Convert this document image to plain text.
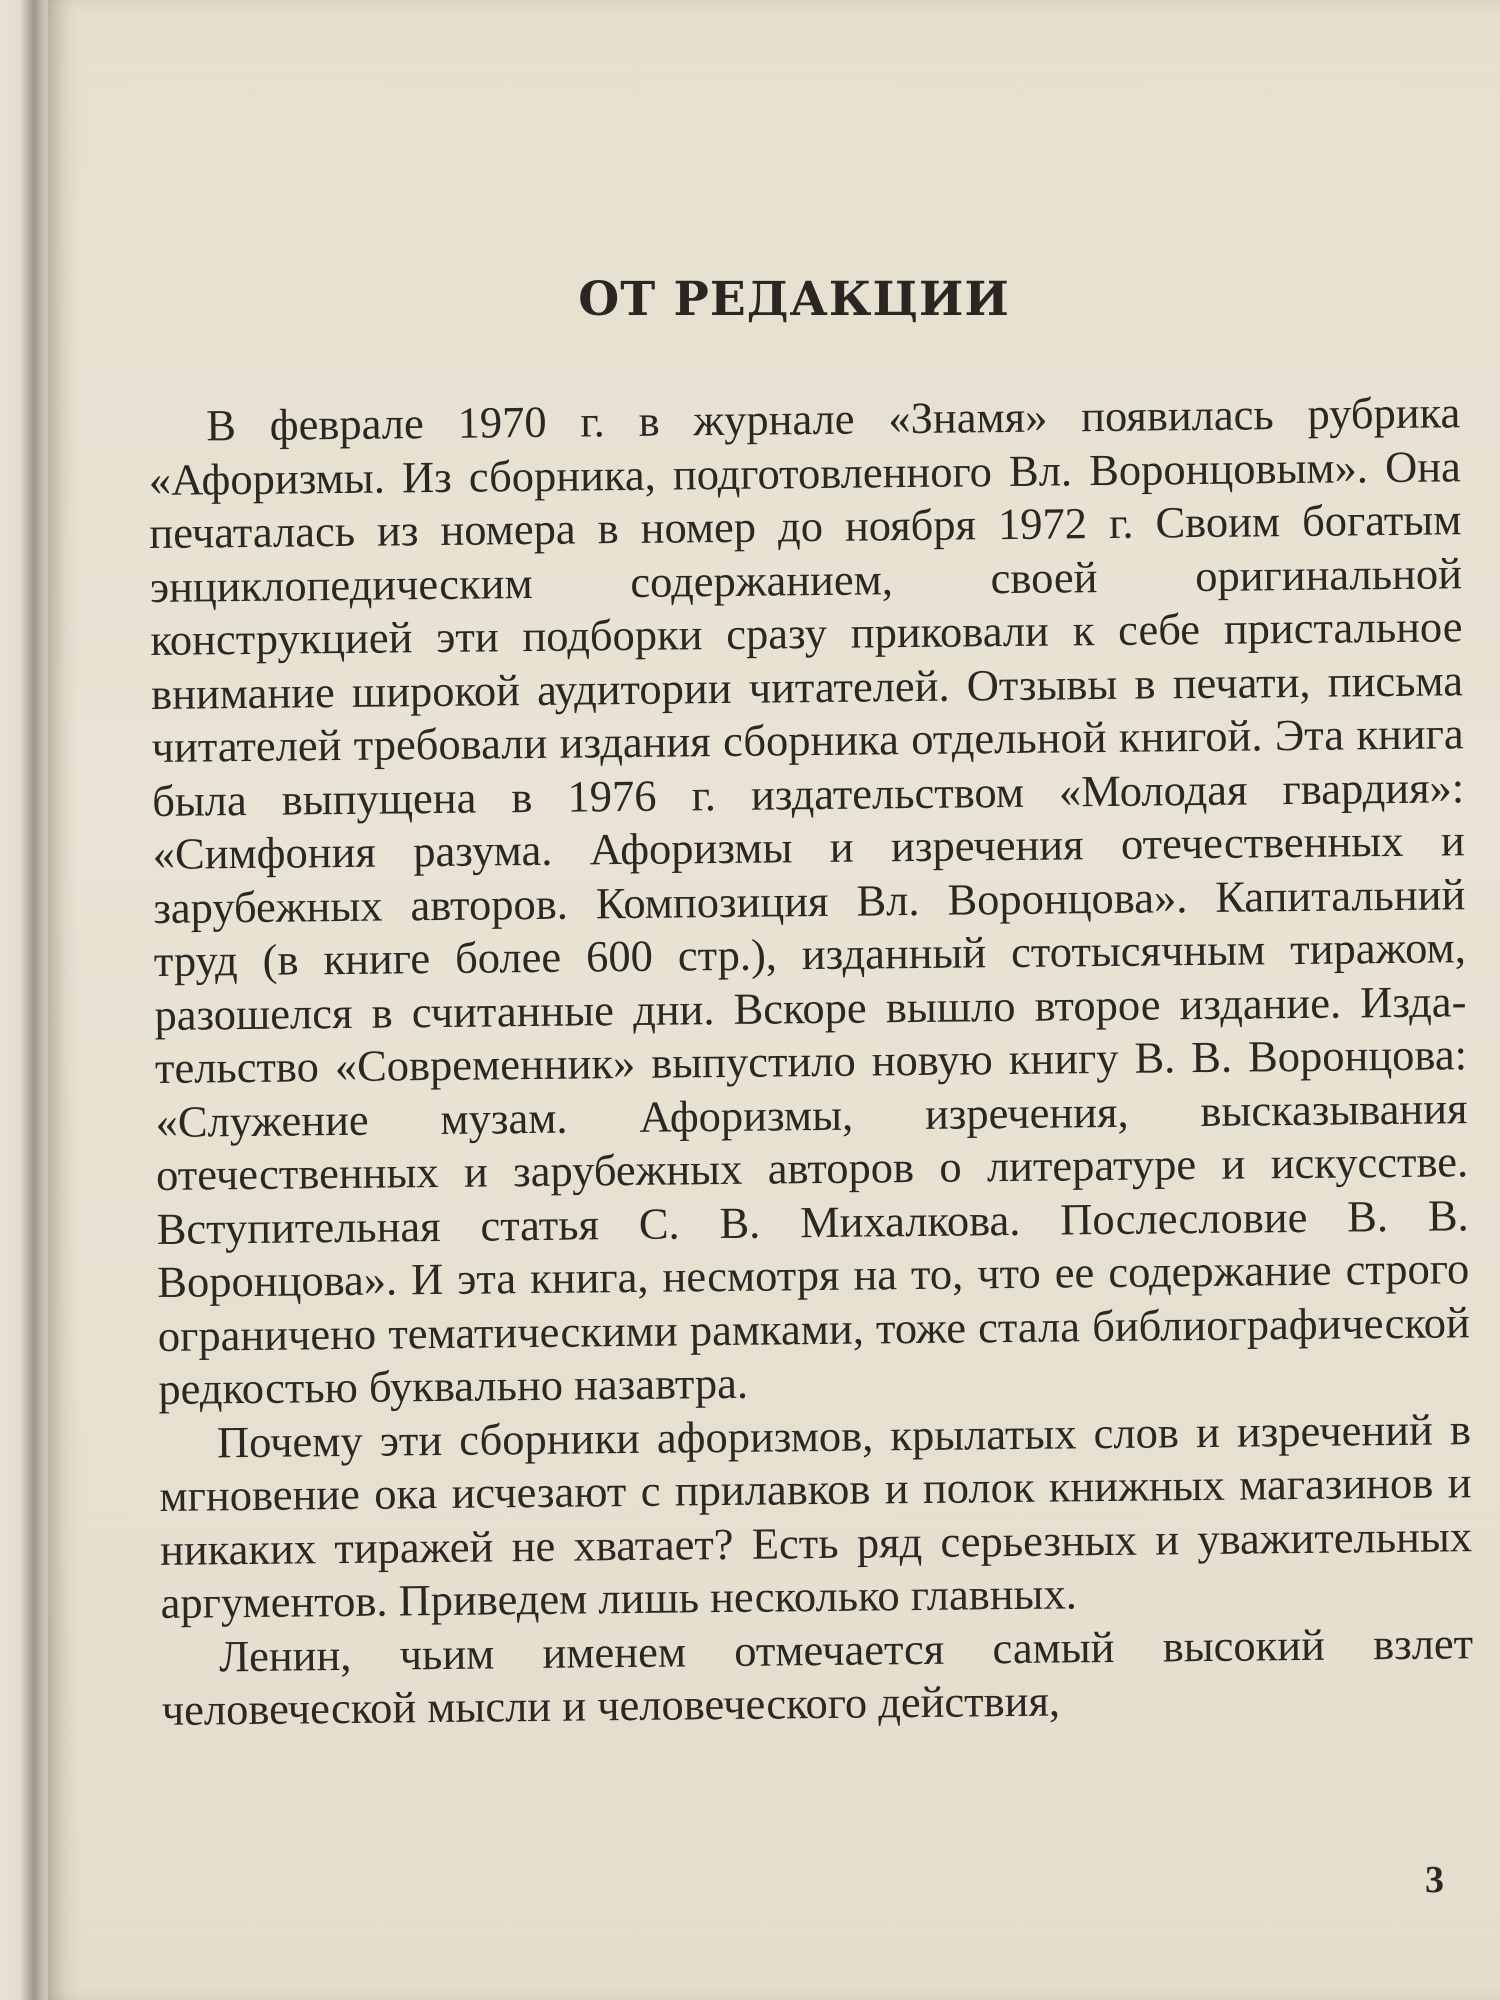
ОТ РЕДАКЦИИ

В феврале 1970 г. в журнале «Знамя» появилась рубрика «Афоризмы. Из сборника, подготовленного Вл. Воронцовым». Она печаталась из номера в номер до ноября 1972 г. Своим богатым энциклопедическим содержанием, своей оригинальной конструкцией эти подборки сразу приковали к себе пристальное внимание широкой аудитории читателей. Отзывы в печати, письма читателей требовали издания сборника отдельной книгой. Эта книга была выпущена в 1976 г. издательством «Молодая гвардия»: «Симфония разума. Афоризмы и изречения отечественных и зарубежных авторов. Композиция Вл. Воронцова». Капитальний труд (в книге более 600 стр.), изданный стотысячным тиражом, разошелся в считанные дни. Вскоре вышло второе издание. Издательство «Современник» выпустило новую книгу В. В. Воронцова: «Служение музам. Афоризмы, изречения, высказывания отечественных и зарубежных авторов о литературе и искусстве. Вступительная статья С. В. Михалкова. Послесловие В. В. Воронцова». И эта книга, несмотря на то, что ее содержание строго ограничено тематическими рамками, тоже стала библиографической редкостью буквально назавтра.

Почему эти сборники афоризмов, крылатых слов и изречений в мгновение ока исчезают с прилавков и полок книжных магазинов и никаких тиражей не хватает? Есть ряд серьезных и уважительных аргументов. Приведем лишь несколько главных.

Ленин, чьим именем отмечается самый высокий взлет человеческой мысли и человеческого действия,

3
